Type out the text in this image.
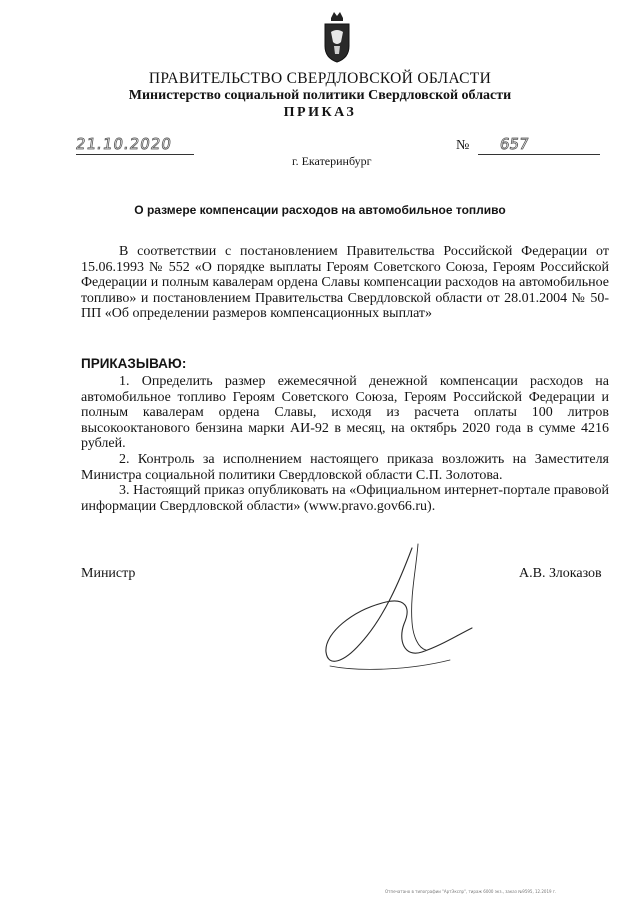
ПРАВИТЕЛЬСТВО СВЕРДЛОВСКОЙ ОБЛАСТИ
Министерство социальной политики Свердловской области
ПРИКАЗ
21.10.2020
г. Екатеринбург
№ 657
О размере компенсации расходов на автомобильное топливо

В соответствии с постановлением Правительства Российской Федерации от 15.06.1993 № 552 «О порядке выплаты Героям Советского Союза, Героям Российской Федерации и полным кавалерам ордена Славы компенсации расходов на автомобильное топливо» и постановлением Правительства Свердловской области от 28.01.2004 № 50-ПП «Об определении размеров компенсационных выплат»

ПРИКАЗЫВАЮ:

1. Определить размер ежемесячной денежной компенсации расходов на автомобильное топливо Героям Советского Союза, Героям Российской Федерации и полным кавалерам ордена Славы, исходя из расчета оплаты 100 литров высокооктанового бензина марки АИ-92 в месяц, на октябрь 2020 года в сумме 4216 рублей.

2. Контроль за исполнением настоящего приказа возложить на Заместителя Министра социальной политики Свердловской области С.П. Золотова.

3. Настоящий приказ опубликовать на «Официальном интернет-портале правовой информации Свердловской области» (www.pravo.gov66.ru).

Министр	А.В. Злоказов
Отпечатано в типографии "АртЭкспр", тираж 6000 экз., заказ №9595, 12.2019 г.
